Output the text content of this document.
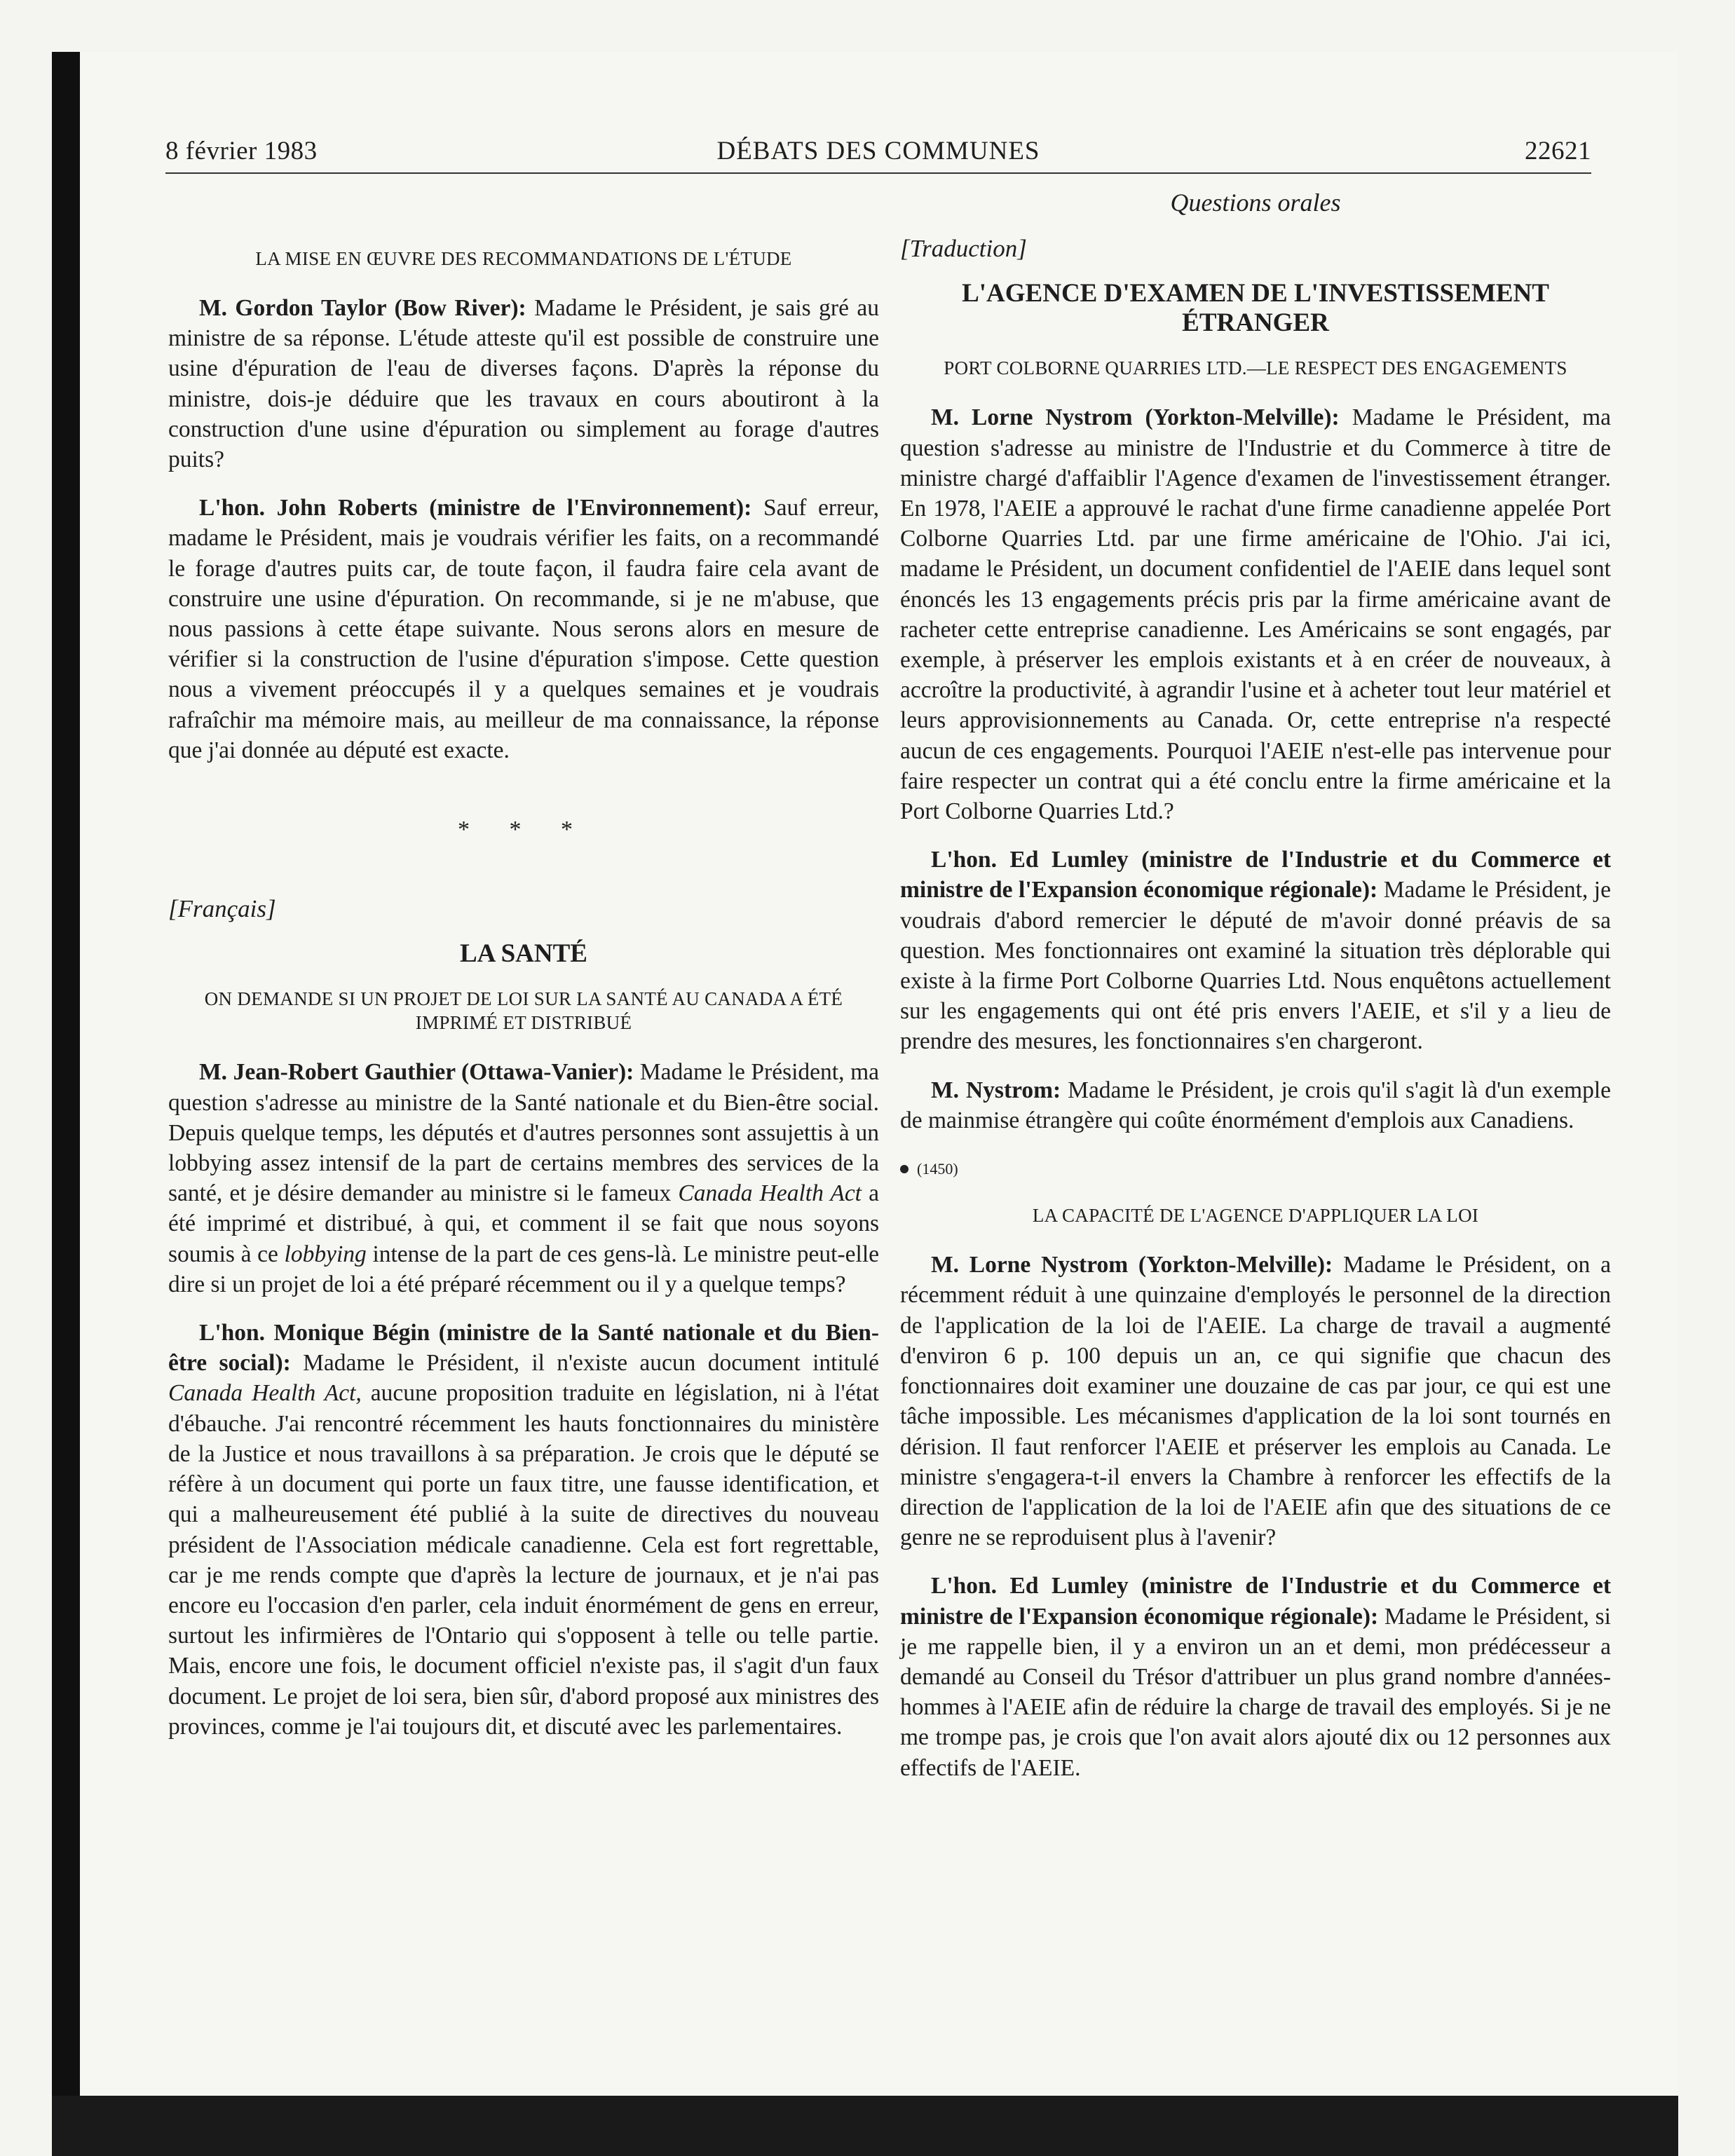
8 février 1983	DÉBATS DES COMMUNES	22621
LA MISE EN ŒUVRE DES RECOMMANDATIONS DE L'ÉTUDE

M. Gordon Taylor (Bow River): Madame le Président, je sais gré au ministre de sa réponse. L'étude atteste qu'il est possible de construire une usine d'épuration de l'eau de diverses façons. D'après la réponse du ministre, dois-je déduire que les travaux en cours aboutiront à la construction d'une usine d'épuration ou simplement au forage d'autres puits?

L'hon. John Roberts (ministre de l'Environnement): Sauf erreur, madame le Président, mais je voudrais vérifier les faits, on a recommandé le forage d'autres puits car, de toute façon, il faudra faire cela avant de construire une usine d'épuration. On recommande, si je ne m'abuse, que nous passions à cette étape suivante. Nous serons alors en mesure de vérifier si la construction de l'usine d'épuration s'impose. Cette question nous a vivement préoccupés il y a quelques semaines et je voudrais rafraîchir ma mémoire mais, au meilleur de ma connaissance, la réponse que j'ai donnée au député est exacte.

* * *
[Français]
LA SANTÉ
ON DEMANDE SI UN PROJET DE LOI SUR LA SANTÉ AU CANADA A ÉTÉ IMPRIMÉ ET DISTRIBUÉ

M. Jean-Robert Gauthier (Ottawa-Vanier): Madame le Président, ma question s'adresse au ministre de la Santé nationale et du Bien-être social. Depuis quelque temps, les députés et d'autres personnes sont assujettis à un lobbying assez intensif de la part de certains membres des services de la santé, et je désire demander au ministre si le fameux Canada Health Act a été imprimé et distribué, à qui, et comment il se fait que nous soyons soumis à ce lobbying intense de la part de ces gens-là. Le ministre peut-elle dire si un projet de loi a été préparé récemment ou il y a quelque temps?

L'hon. Monique Bégin (ministre de la Santé nationale et du Bien-être social): Madame le Président, il n'existe aucun document intitulé Canada Health Act, aucune proposition traduite en législation, ni à l'état d'ébauche. J'ai rencontré récemment les hauts fonctionnaires du ministère de la Justice et nous travaillons à sa préparation. Je crois que le député se réfère à un document qui porte un faux titre, une fausse identification, et qui a malheureusement été publié à la suite de directives du nouveau président de l'Association médicale canadienne. Cela est fort regrettable, car je me rends compte que d'après la lecture de journaux, et je n'ai pas encore eu l'occasion d'en parler, cela induit énormément de gens en erreur, surtout les infirmières de l'Ontario qui s'opposent à telle ou telle partie. Mais, encore une fois, le document officiel n'existe pas, il s'agit d'un faux document. Le projet de loi sera, bien sûr, d'abord proposé aux ministres des provinces, comme je l'ai toujours dit, et discuté avec les parlementaires.

Questions orales
[Traduction]
L'AGENCE D'EXAMEN DE L'INVESTISSEMENT ÉTRANGER
PORT COLBORNE QUARRIES LTD.—LE RESPECT DES ENGAGEMENTS

M. Lorne Nystrom (Yorkton-Melville): Madame le Président, ma question s'adresse au ministre de l'Industrie et du Commerce à titre de ministre chargé d'affaiblir l'Agence d'examen de l'investissement étranger. En 1978, l'AEIE a approuvé le rachat d'une firme canadienne appelée Port Colborne Quarries Ltd. par une firme américaine de l'Ohio. J'ai ici, madame le Président, un document confidentiel de l'AEIE dans lequel sont énoncés les 13 engagements précis pris par la firme américaine avant de racheter cette entreprise canadienne. Les Américains se sont engagés, par exemple, à préserver les emplois existants et à en créer de nouveaux, à accroître la productivité, à agrandir l'usine et à acheter tout leur matériel et leurs approvisionnements au Canada. Or, cette entreprise n'a respecté aucun de ces engagements. Pourquoi l'AEIE n'est-elle pas intervenue pour faire respecter un contrat qui a été conclu entre la firme américaine et la Port Colborne Quarries Ltd.?

L'hon. Ed Lumley (ministre de l'Industrie et du Commerce et ministre de l'Expansion économique régionale): Madame le Président, je voudrais d'abord remercier le député de m'avoir donné préavis de sa question. Mes fonctionnaires ont examiné la situation très déplorable qui existe à la firme Port Colborne Quarries Ltd. Nous enquêtons actuellement sur les engagements qui ont été pris envers l'AEIE, et s'il y a lieu de prendre des mesures, les fonctionnaires s'en chargeront.

M. Nystrom: Madame le Président, je crois qu'il s'agit là d'un exemple de mainmise étrangère qui coûte énormément d'emplois aux Canadiens.

(1450)
LA CAPACITÉ DE L'AGENCE D'APPLIQUER LA LOI

M. Lorne Nystrom (Yorkton-Melville): Madame le Président, on a récemment réduit à une quinzaine d'employés le personnel de la direction de l'application de la loi de l'AEIE. La charge de travail a augmenté d'environ 6 p. 100 depuis un an, ce qui signifie que chacun des fonctionnaires doit examiner une douzaine de cas par jour, ce qui est une tâche impossible. Les mécanismes d'application de la loi sont tournés en dérision. Il faut renforcer l'AEIE et préserver les emplois au Canada. Le ministre s'engagera-t-il envers la Chambre à renforcer les effectifs de la direction de l'application de la loi de l'AEIE afin que des situations de ce genre ne se reproduisent plus à l'avenir?

L'hon. Ed Lumley (ministre de l'Industrie et du Commerce et ministre de l'Expansion économique régionale): Madame le Président, si je me rappelle bien, il y a environ un an et demi, mon prédécesseur a demandé au Conseil du Trésor d'attribuer un plus grand nombre d'années-hommes à l'AEIE afin de réduire la charge de travail des employés. Si je ne me trompe pas, je crois que l'on avait alors ajouté dix ou 12 personnes aux effectifs de l'AEIE.
